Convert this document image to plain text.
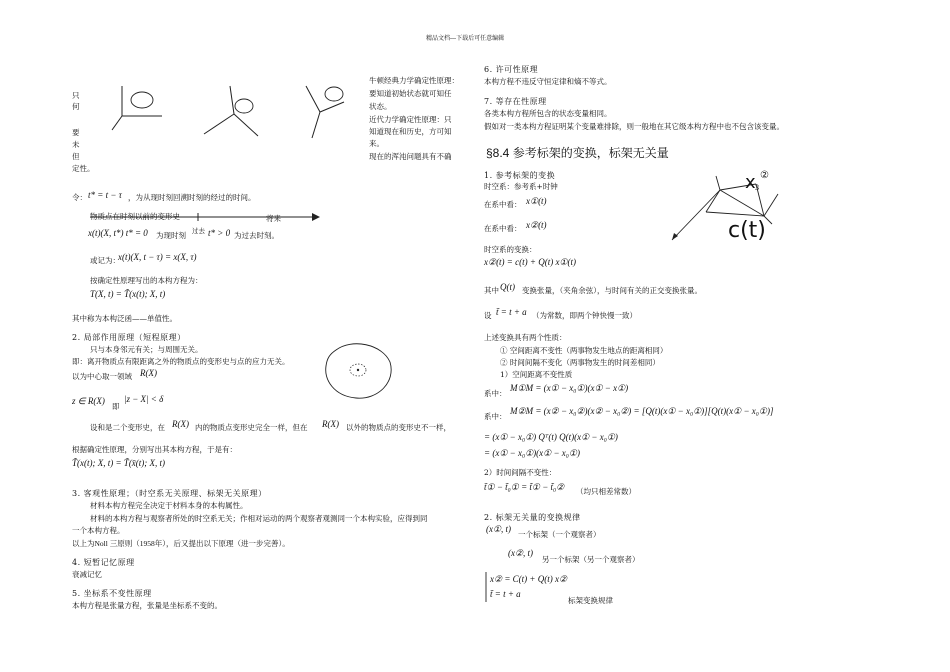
精品文档---下载后可任意编辑
只
何
要
未
但
定性。
牛顿经典力学确定性原理：
要知道初始状态就可知任
状态。
近代力学确定性原理：只
知道现在和历史，方可知
来。
现在的浑沌问题具有不确
令： t* = t − τ ，为从现时刻回溯时刻的经过的时间。
将来
物质点在时刻以前的变形史
x(t)(X, t*) t* = 0 为现时刻 过去 t* > 0 为过去时刻。
或记为：
x(t)(X, t − τ) = x(X, τ)
按确定性原理写出的本构方程为：
T(X, t) = T̃(x(t); X, t)
其中称为本构泛函——单值性。
2. 局部作用原理（短程原理）
只与本身邻元有关；与周围无关。
即：离开物质点有限距离之外的物质点的变形史与点的应力无关。
以为中心取一领域 R(X)
z ∈ R(X)
即
|z − X| < δ
设和是二个变形史，在 R(X) 内的物质点变形史完全一样，但在 R(X) 以外的物质点的变形史不一样，
根据确定性原理，分别写出其本构方程，于是有：
T̃(x(t); X, t) = T̃(x̄(t); X, t)
3. 客观性原理；（时空系无关原理、标架无关原理）
材料本构方程完全决定于材料本身的本构属性。
材料的本构方程与观察者所处的时空系无关；作相对运动的两个观察者观测同一个本构实验，应得到同
一个本构方程。
以上为Noll 三原则（1958年），后又提出以下原理（进一步完善）。
4. 短暂记忆原理
衰减记忆
5. 坐标系不变性原理
本构方程是张量方程，张量是坐标系不变的。
6. 许可性原理
本构方程不违反守恒定律和熵不等式。
7. 等存在性原理
各类本构方程所包含的状态变量相同。
假如对一类本构方程证明某个变量难排除，则一般地在其它级本构方程中也不包含该变量。
§8.4 参考标架的变换，标架无关量
1. 参考标架的变换
时空系：参考系+时钟
在系中看： x①(t)
在系中看： x②(t)
x 3
②
c(t)
时空系的变换：
x②(t) = c(t) + Q(t) x①(t)
其中 Q(t) 变换张量，（夹角余弦），与时间有关的正交变换张量。
设 t̃ = t + a （为常数，即两个钟快慢一致）
上述变换具有两个性质：
① 空间距离不变性（两事物发生地点的距离相同）
② 时间间隔不变化（两事物发生的时间差相同）
1）空间距离不变性质
系中：
M①M = (x① − x₀①)(x① − x①)
系中：
M②M = (x② − x₀②)(x② − x₀②) = [Q(t)(x① − x₀①)][Q(t)(x① − x₀①)]
= (x① − x₀①) Qᵀ(t) Q(t)(x① − x₀①)
= (x① − x₀①)(x① − x₀①)
2）时间间隔不变性：
t̃① − t̃₀① = t̃① − t̃₀② （均只相差常数）
2. 标架无关量的变换规律
(x①, t)
一个标架（一个观察者）
(x②, t)
另一个标架（另一个观察者）
x② = C(t) + Q(t) x②
t̃ = t + a
标架变换规律
